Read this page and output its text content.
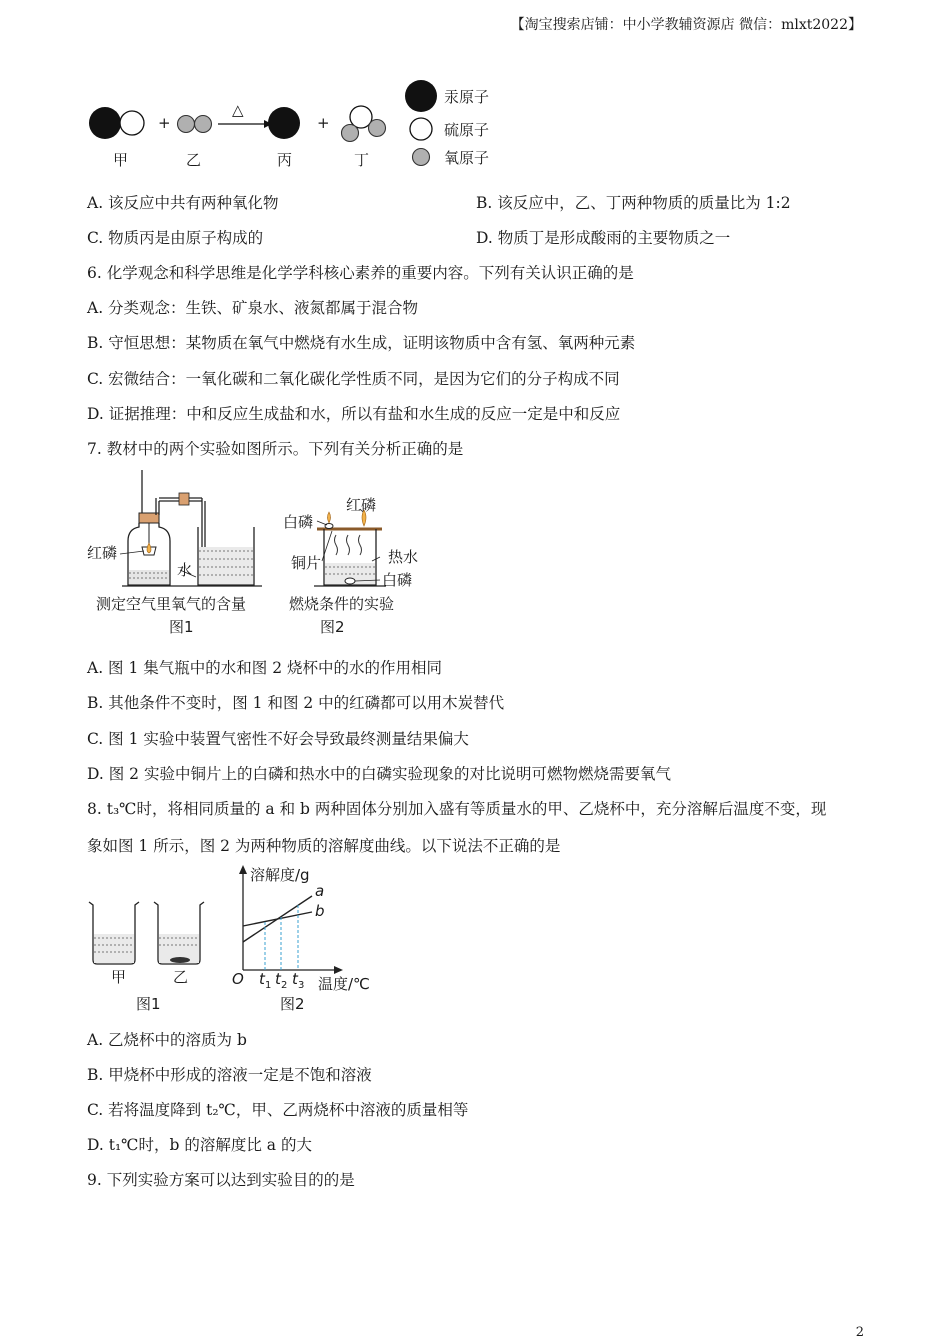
【淘宝搜索店铺：中小学教辅资源店 微信：mlxt2022】
+
△
+
甲	乙	丙	丁
汞原子
硫原子
氧原子
A. 该反应中共有两种氧化物	B. 该反应中，乙、丁两种物质的质量比为 1:2
C. 物质丙是由原子构成的	D. 物质丁是形成酸雨的主要物质之一
6. 化学观念和科学思维是化学学科核心素养的重要内容。下列有关认识正确的是
A. 分类观念：生铁、矿泉水、液氮都属于混合物
B. 守恒思想：某物质在氧气中燃烧有水生成，证明该物质中含有氢、氧两种元素
C. 宏微结合：一氧化碳和二氧化碳化学性质不同，是因为它们的分子构成不同
D. 证据推理：中和反应生成盐和水，所以有盐和水生成的反应一定是中和反应
7. 教材中的两个实验如图所示。下列有关分析正确的是
红磷
水
测定空气里氧气的含量
图1
白磷
红磷
铜片	热水
白磷
燃烧条件的实验
图2
A. 图 1 集气瓶中的水和图 2 烧杯中的水的作用相同
B. 其他条件不变时，图 1 和图 2 中的红磷都可以用木炭替代
C. 图 1 实验中装置气密性不好会导致最终测量结果偏大
D. 图 2 实验中铜片上的白磷和热水中的白磷实验现象的对比说明可燃物燃烧需要氧气
8. t₃℃时，将相同质量的 a 和 b 两种固体分别加入盛有等质量水的甲、乙烧杯中，充分溶解后温度不变，现
象如图 1 所示，图 2 为两种物质的溶解度曲线。以下说法不正确的是
甲	乙
图1
溶解度/g
a
b
O t 1 t 2 t 3 温度/℃
图2
A. 乙烧杯中的溶质为 b
B. 甲烧杯中形成的溶液一定是不饱和溶液
C. 若将温度降到 t₂℃，甲、乙两烧杯中溶液的质量相等
D. t₁℃时，b 的溶解度比 a 的大
9. 下列实验方案可以达到实验目的的是
2
